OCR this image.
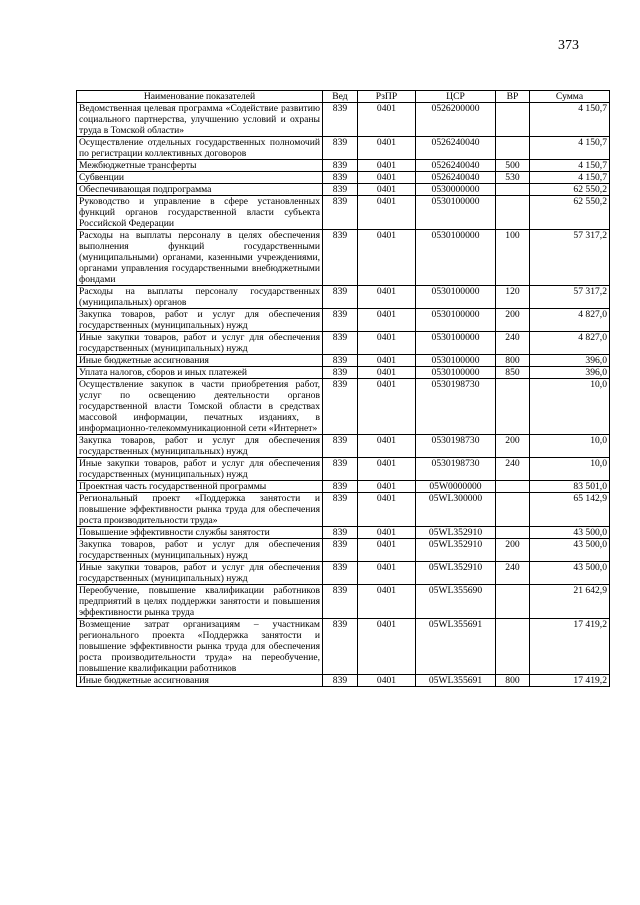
373
Наименование показателей	Вед	РзПР	ЦСР	ВР	Сумма
Ведомственная целевая программа «Содействие развитию социального партнерства, улучшению условий и охраны труда в Томской области»	839	0401	0526200000		4 150,7
Осуществление отдельных государственных полномочий по регистрации коллективных договоров	839	0401	0526240040		4 150,7
Межбюджетные трансферты	839	0401	0526240040	500	4 150,7
Субвенции	839	0401	0526240040	530	4 150,7
Обеспечивающая подпрограмма	839	0401	0530000000		62 550,2
Руководство и управление в сфере установленных функций органов государственной власти субъекта Российской Федерации	839	0401	0530100000		62 550,2
Расходы на выплаты персоналу в целях обеспечения выполнения функций государственными (муниципальными) органами, казенными учреждениями, органами управления государственными внебюджетными фондами	839	0401	0530100000	100	57 317,2
Расходы на выплаты персоналу государственных (муниципальных) органов	839	0401	0530100000	120	57 317,2
Закупка товаров, работ и услуг для обеспечения государственных (муниципальных) нужд	839	0401	0530100000	200	4 827,0
Иные закупки товаров, работ и услуг для обеспечения государственных (муниципальных) нужд	839	0401	0530100000	240	4 827,0
Иные бюджетные ассигнования	839	0401	0530100000	800	396,0
Уплата налогов, сборов и иных платежей	839	0401	0530100000	850	396,0
Осуществление закупок в части приобретения работ, услуг по освещению деятельности органов государственной власти Томской области в средствах массовой информации, печатных изданиях, в информационно-телекоммуникационной сети «Интернет»	839	0401	0530198730		10,0
Закупка товаров, работ и услуг для обеспечения государственных (муниципальных) нужд	839	0401	0530198730	200	10,0
Иные закупки товаров, работ и услуг для обеспечения государственных (муниципальных) нужд	839	0401	0530198730	240	10,0
Проектная часть государственной программы	839	0401	05W0000000		83 501,0
Региональный проект «Поддержка занятости и повышение эффективности рынка труда для обеспечения роста производительности труда»	839	0401	05WL300000		65 142,9
Повышение эффективности службы занятости	839	0401	05WL352910		43 500,0
Закупка товаров, работ и услуг для обеспечения государственных (муниципальных) нужд	839	0401	05WL352910	200	43 500,0
Иные закупки товаров, работ и услуг для обеспечения государственных (муниципальных) нужд	839	0401	05WL352910	240	43 500,0
Переобучение, повышение квалификации работников предприятий в целях поддержки занятости и повышения эффективности рынка труда	839	0401	05WL355690		21 642,9
Возмещение затрат организациям – участникам регионального проекта «Поддержка занятости и повышение эффективности рынка труда для обеспечения роста производительности труда» на переобучение, повышение квалификации работников	839	0401	05WL355691		17 419,2
Иные бюджетные ассигнования	839	0401	05WL355691	800	17 419,2
